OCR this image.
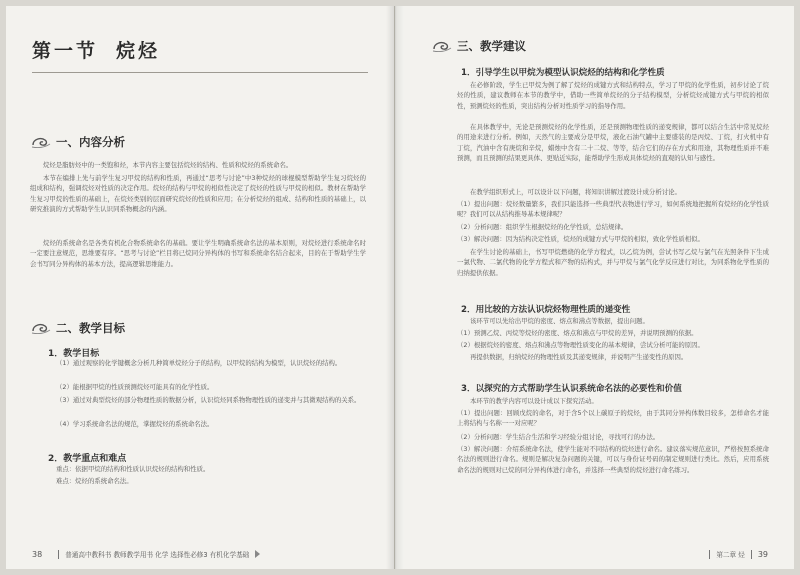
第一节 烷烃
一、内容分析
烷烃是脂肪烃中的一类饱和烃，本节内容主要包括烷烃的结构、性质和烷烃的系统命名。
本节在编排上先与前学生复习甲烷的结构和性质，再通过“思考与讨论”中3种烷烃的球棍模型帮助学生复习烷烃的组成和结构，强调烷烃对性质的决定作用。烷烃的结构与甲烷的相似性决定了烷烃的性质与甲烷的相似。教材在帮助学生复习甲烷的性质的基础上，在烷烃类别的层面研究烷烃的性质和应用；在分析烷烃的组成、结构和性质的基础上，以研究推演的方式帮助学生认识同系物概念的内涵。
烷烃的系统命名是各类有机化合物系统命名的基础。要让学生明确系统命名法的基本原则，对烷烃进行系统命名时一定要注意规范，思维要有序。“思考与讨论”栏目将已烷同分异构体的书写和系统命名结合起来，目的在于帮助学生学会书写同分异构体的基本方法，提高逻辑思维能力。
二、教学目标
1．教学目标
（1）通过观察的化学键概念分析几种简单烷烃分子的结构，以甲烷的结构为模型，认识烷烃的结构。
（2）能根据甲烷的性质预测烷烃可能具有的化学性质。
（3）通过对典型烷烃的部分物理性质的数据分析，认识烷烃同系物物理性质的递变并与其微观结构的关系。
（4）学习系统命名法的规范，掌握烷烃的系统命名法。
2．教学重点和难点
重点：依据甲烷的结构和性质认识烷烃的结构和性质。
难点：烷烃的系统命名法。
38	普通高中教科书
教师教学用书
化学
选择性必修3
有机化学基础
三、教学建议
1．引导学生以甲烷为模型认识烷烃的结构和化学性质
在必修阶段，学生已甲烷为例了解了烷烃的成键方式和结构特点，学习了甲烷的化学性质，初步讨论了烷烃的性质，建议教师在本节的教学中，借助一些简单烷烃的分子结构模型，分析烷烃成键方式与甲烷的相似性，预测烷烃的性质，突出结构分析对性质学习的指导作用。
在具体教学中，无论是预测烷烃的化学性质，还是预测物理性质的递变规律，都可以结合生活中常见烷烃的用途来进行分析。例如，天然气的主要成分是甲烷，液化石油气罐中主要盛装的是丙烷、丁烷，打火机中有丁烷，汽油中含有庚烷和辛烷，蜡烛中含有二十二烷、等等，结合它们的存在方式和用途，其物理性质并不难预测，而且预测的结果更具体、更贴近实际，能帮助学生形成具体烷烃的直观的认知与感性。
在教学组织形式上，可以设计以下问题，将知识讲解过渡设计成分析讨论。
（1）提出问题：烷烃数量繁多，我们只能选择一些典型代表物进行学习，如何系统地把握所有烷烃的化学性质呢？我们可以从结构推导基本规律呢？
（2）分析问题：组织学生根据烷烃的化学性质，总结规律。
（3）解决问题：因为结构决定性质，烷烃的成键方式与甲烷的相似，致化学性质相似。
在学生讨论的基础上，书写甲烷燃烧的化学方程式，以乙烷为例，尝试书写乙烷与氯气在光照条件下生成一氯代物、二氯代物的化学方程式和产物的结构式，并与甲烷与氯气化学反应进行对比，为同系物化学性质的归纳提供依据。
2．用比较的方法认识烷烃物理性质的递变性
该环节可以先给出甲烷的密度、熔点和沸点等数据，提出问题。
（1）预测乙烷、丙烷等烷烃的密度、熔点和沸点与甲烷的差异，并说明预测的依据。
（2）根据烷烃的密度、熔点和沸点等物理性质变化的基本规律，尝试分析可能的原因。
再提供数据，归纳烷烃的物理性质及其递变规律，并说明产生递变性的原因。
3．以探究的方式帮助学生认识系统命名法的必要性和价值
本环节的教学内容可以设计成以下探究活动。
（1）提出问题：回顾戊烷的命名，对于含5个以上碳原子的烷烃，由于其同分异构体数目较多，怎样命名才能上将结构与名称一一对应呢？
（2）分析问题：学生结合生活和学习经验分组讨论，寻找可行的办法。
（3）解决问题：介绍系统命名法，使学生能对不同结构的烷烃进行命名。建议落实规范意识，严格按照系统命名法的规则进行命名。规则是解决复杂问题的关键，可以与身份证号码的制定规则进行类比。然后，应用系统命名法的规则对已烷的同分异构体进行命名，并选择一些典型的烷烃进行命名练习。
第二章
烃 39
